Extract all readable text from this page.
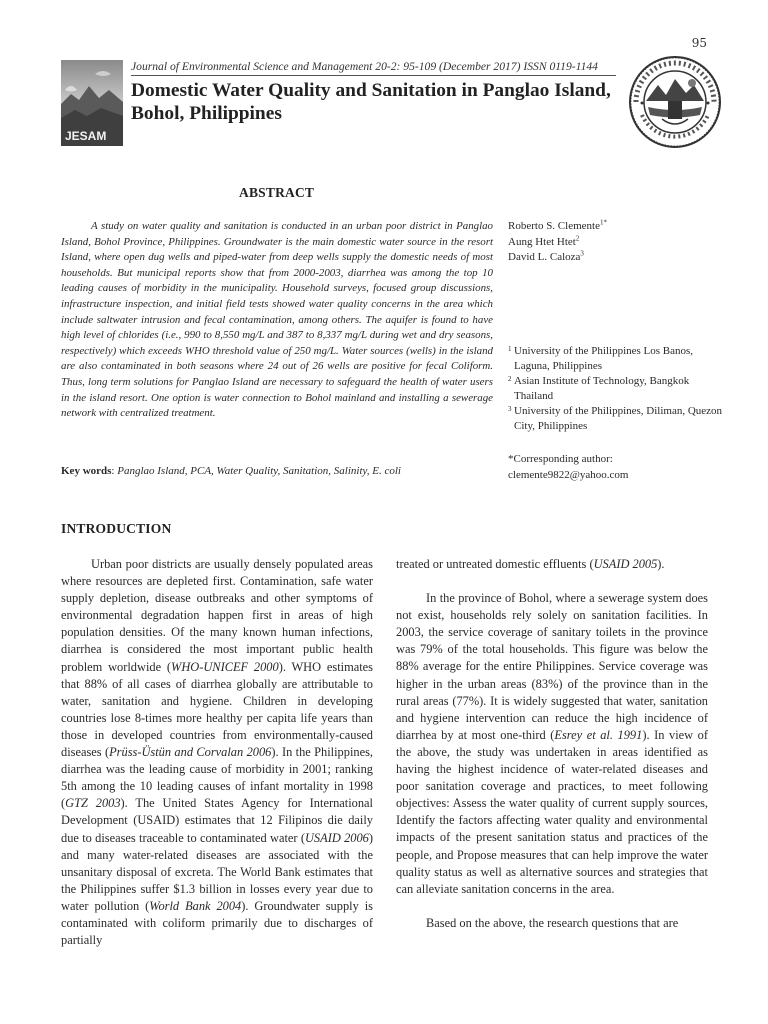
95
JESAM
Journal of Environmental Science and Management 20-2: 95-109 (December 2017) ISSN 0119-1144
Domestic Water Quality and Sanitation in Panglao Island, Bohol, Philippines
ABSTRACT
A study on water quality and sanitation is conducted in an urban poor district in Panglao Island, Bohol Province, Philippines. Groundwater is the main domestic water source in the resort Island, where open dug wells and piped-water from deep wells supply the domestic needs of most households. But municipal reports show that from 2000-2003, diarrhea was among the top 10 leading causes of morbidity in the municipality. Household surveys, focused group discussions, infrastructure inspection, and initial field tests showed water quality concerns in the area which include saltwater intrusion and fecal contamination, among others. The aquifer is found to have high level of chlorides (i.e., 990 to 8,550 mg/L and 387 to 8,337 mg/L during wet and dry seasons, respectively) which exceeds WHO threshold value of 250 mg/L. Water sources (wells) in the island are also contaminated in both seasons where 24 out of 26 wells are positive for fecal Coliform. Thus, long term solutions for Panglao Island are necessary to safeguard the health of water users in the island resort. One option is water connection to Bohol mainland and installing a sewerage network with centralized treatment.
Key words: Panglao Island, PCA, Water Quality, Sanitation, Salinity, E. coli
Roberto S. Clemente$^{1*}$
Aung Htet Htet$^2$
David L. Caloza$^3$
1 University of the Philippines Los Banos, Laguna, Philippines
2 Asian Institute of Technology, Bangkok Thailand
3 University of the Philippines, Diliman, Quezon City, Philippines
*Corresponding author:
clemente9822@yahoo.com
INTRODUCTION

Urban poor districts are usually densely populated areas where resources are depleted first. Contamination, safe water supply depletion, disease outbreaks and other symptoms of environmental degradation happen first in areas of high population densities. Of the many known human infections, diarrhea is considered the most important public health problem worldwide (WHO-UNICEF 2000). WHO estimates that 88% of all cases of diarrhea globally are attributable to water, sanitation and hygiene. Children in developing countries lose 8-times more healthy per capita life years than those in developed countries from environmentally-caused diseases (Prüss-Üstün and Corvalan 2006). In the Philippines, diarrhea was the leading cause of morbidity in 2001; ranking 5th among the 10 leading causes of infant mortality in 1998 (GTZ 2003). The United States Agency for International Development (USAID) estimates that 12 Filipinos die daily due to diseases traceable to contaminated water (USAID 2006) and many water-related diseases are associated with the unsanitary disposal of excreta. The World Bank estimates that the Philippines suffer $1.3 billion in losses every year due to water pollution (World Bank 2004). Groundwater supply is contaminated with coliform primarily due to discharges of partially

treated or untreated domestic effluents (USAID 2005).

In the province of Bohol, where a sewerage system does not exist, households rely solely on sanitation facilities. In 2003, the service coverage of sanitary toilets in the province was 79% of the total households. This figure was below the 88% average for the entire Philippines. Service coverage was higher in the urban areas (83%) of the province than in the rural areas (77%). It is widely suggested that water, sanitation and hygiene intervention can reduce the high incidence of diarrhea by at most one-third (Esrey et al. 1991). In view of the above, the study was undertaken in areas identified as having the highest incidence of water-related diseases and poor sanitation coverage and practices, to meet following objectives: Assess the water quality of current supply sources, Identify the factors affecting water quality and environmental impacts of the present sanitation status and practices of the people, and Propose measures that can help improve the water quality status as well as alternative sources and strategies that can alleviate sanitation concerns in the area.

Based on the above, the research questions that are
